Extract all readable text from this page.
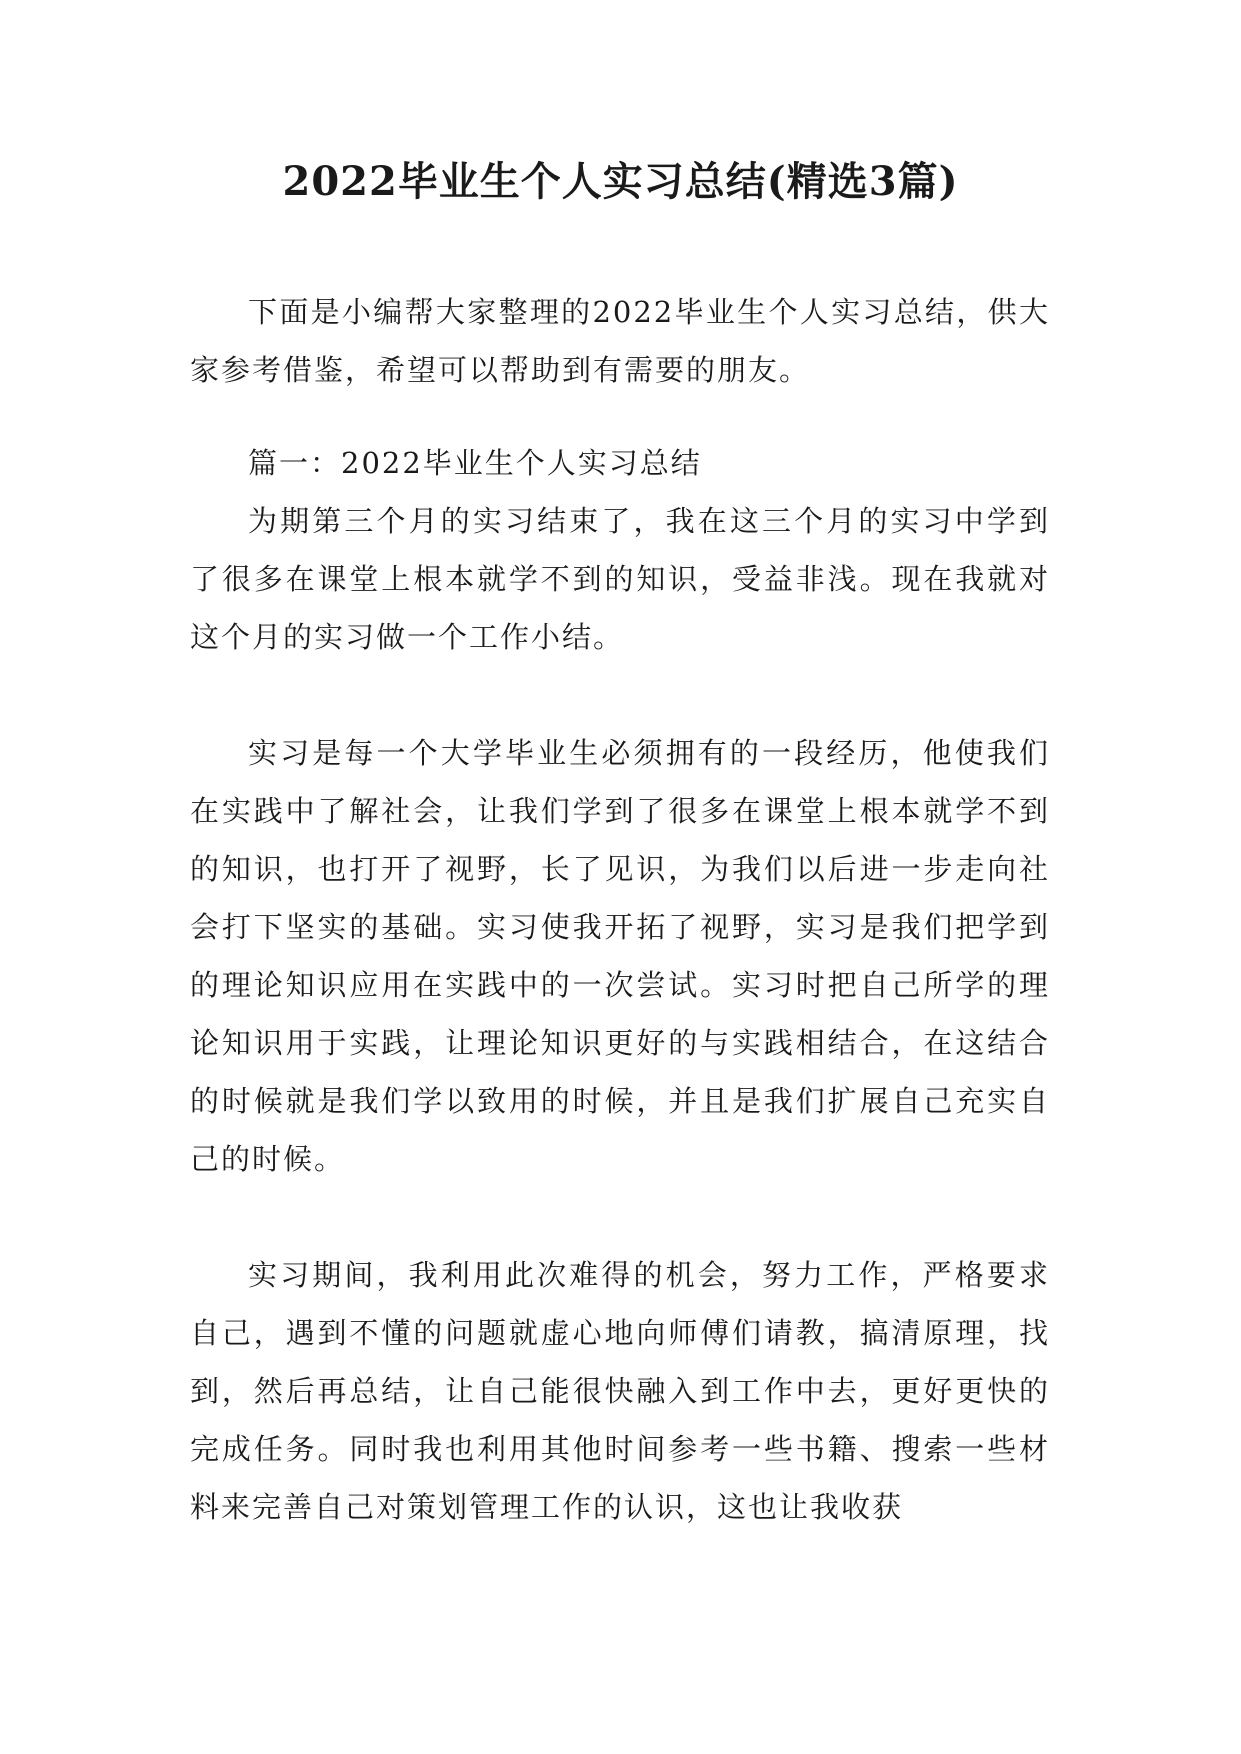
2022毕业生个人实习总结(精选3篇)

下面是小编帮大家整理的2022毕业生个人实习总结，供大家参考借鉴，希望可以帮助到有需要的朋友。

篇一：2022毕业生个人实习总结

为期第三个月的实习结束了，我在这三个月的实习中学到了很多在课堂上根本就学不到的知识，受益非浅。现在我就对这个月的实习做一个工作小结。

实习是每一个大学毕业生必须拥有的一段经历，他使我们在实践中了解社会，让我们学到了很多在课堂上根本就学不到的知识，也打开了视野，长了见识，为我们以后进一步走向社会打下坚实的基础。实习使我开拓了视野，实习是我们把学到的理论知识应用在实践中的一次尝试。实习时把自己所学的理论知识用于实践，让理论知识更好的与实践相结合，在这结合的时候就是我们学以致用的时候，并且是我们扩展自己充实自己的时候。

实习期间，我利用此次难得的机会，努力工作，严格要求自己，遇到不懂的问题就虚心地向师傅们请教，搞清原理，找到，然后再总结，让自己能很快融入到工作中去，更好更快的完成任务。同时我也利用其他时间参考一些书籍、搜索一些材料来完善自己对策划管理工作的认识，这也让我收获
